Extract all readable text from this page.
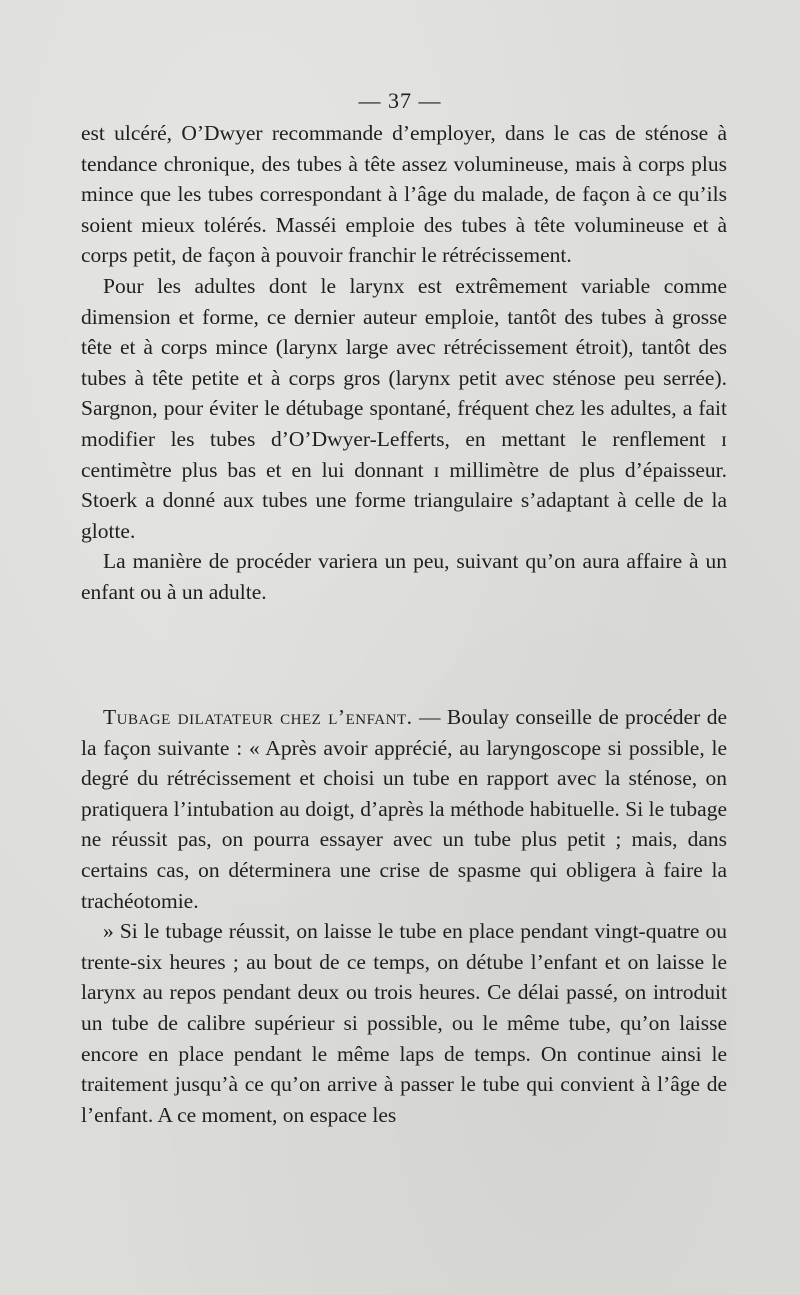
— 37 —

est ulcéré, O’Dwyer recommande d’employer, dans le cas de sténose à tendance chronique, des tubes à tête assez volumineuse, mais à corps plus mince que les tubes correspondant à l’âge du malade, de façon à ce qu’ils soient mieux tolérés. Masséi emploie des tubes à tête volumineuse et à corps petit, de façon à pouvoir franchir le rétrécissement.

Pour les adultes dont le larynx est extrêmement variable comme dimension et forme, ce dernier auteur emploie, tantôt des tubes à grosse tête et à corps mince (larynx large avec rétrécissement étroit), tantôt des tubes à tête petite et à corps gros (larynx petit avec sténose peu serrée). Sargnon, pour éviter le détubage spontané, fréquent chez les adultes, a fait modifier les tubes d’O’Dwyer-Lefferts, en mettant le renflement ɪ centimètre plus bas et en lui donnant ɪ millimètre de plus d’épaisseur. Stoerk a donné aux tubes une forme triangulaire s’adaptant à celle de la glotte.

La manière de procéder variera un peu, suivant qu’on aura affaire à un enfant ou à un adulte.

Tubage dilatateur chez l’enfant. — Boulay conseille de procéder de la façon suivante : « Après avoir apprécié, au laryngoscope si possible, le degré du rétrécissement et choisi un tube en rapport avec la sténose, on pratiquera l’intubation au doigt, d’après la méthode habituelle. Si le tubage ne réussit pas, on pourra essayer avec un tube plus petit ; mais, dans certains cas, on déterminera une crise de spasme qui obligera à faire la trachéotomie.

» Si le tubage réussit, on laisse le tube en place pendant vingt-quatre ou trente-six heures ; au bout de ce temps, on détube l’enfant et on laisse le larynx au repos pendant deux ou trois heures. Ce délai passé, on introduit un tube de calibre supérieur si possible, ou le même tube, qu’on laisse encore en place pendant le même laps de temps. On continue ainsi le traitement jusqu’à ce qu’on arrive à passer le tube qui convient à l’âge de l’enfant. A ce moment, on espace les
